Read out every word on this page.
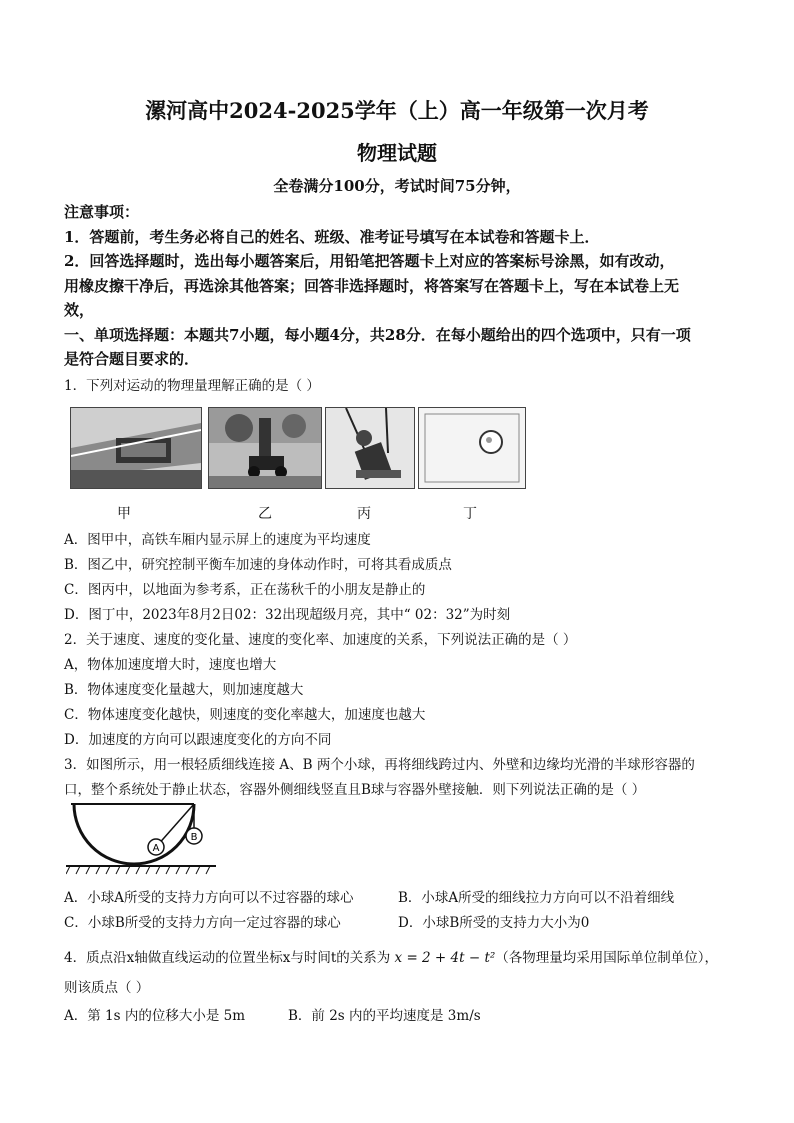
漯河高中2024-2025学年（上）高一年级第一次月考
物理试题
全卷满分100分，考试时间75分钟，
注意事项：
1．答题前，考生务必将自己的姓名、班级、准考证号填写在本试卷和答题卡上．
2．回答选择题时，选出每小题答案后，用铅笔把答题卡上对应的答案标号涂黑，如有改动，
用橡皮擦干净后，再选涂其他答案；回答非选择题时，将答案写在答题卡上，写在本试卷上无
效，
一、单项选择题：本题共7小题，每小题4分，共28分．在每小题给出的四个选项中，只有一项
是符合题目要求的．
1．下列对运动的物理量理解正确的是（ ）
甲	乙	丙	丁
A．图甲中，高铁车厢内显示屏上的速度为平均速度
B．图乙中，研究控制平衡车加速的身体动作时，可将其看成质点
C．图丙中，以地面为参考系，正在荡秋千的小朋友是静止的
D．图丁中，2023年8月2日02：32出现超级月亮，其中“ 02：32”为时刻
2．关于速度、速度的变化量、速度的变化率、加速度的关系，下列说法正确的是（ ）
A，物体加速度增大时，速度也增大
B．物体速度变化量越大，则加速度越大
C．物体速度变化越快，则速度的变化率越大，加速度也越大
D．加速度的方向可以跟速度变化的方向不同
3．如图所示，用一根轻质细线连接 A、B 两个小球，再将细线跨过内、外壁和边缘均光滑的半球形容器的
口，整个系统处于静止状态，容器外侧细线竖直且B球与容器外壁接触．则下列说法正确的是（ ）
A
B
A．小球A所受的支持力方向可以不过容器的球心	B．小球A所受的细线拉力方向可以不沿着细线
C．小球B所受的支持力方向一定过容器的球心	D．小球B所受的支持力大小为0
4．质点沿x轴做直线运动的位置坐标x与时间t的关系为 x = 2 + 4t − t²（各物理量均采用国际单位制单位），
则该质点（ ）
A．第 1s 内的位移大小是 5m	B．前 2s 内的平均速度是 3m/s
